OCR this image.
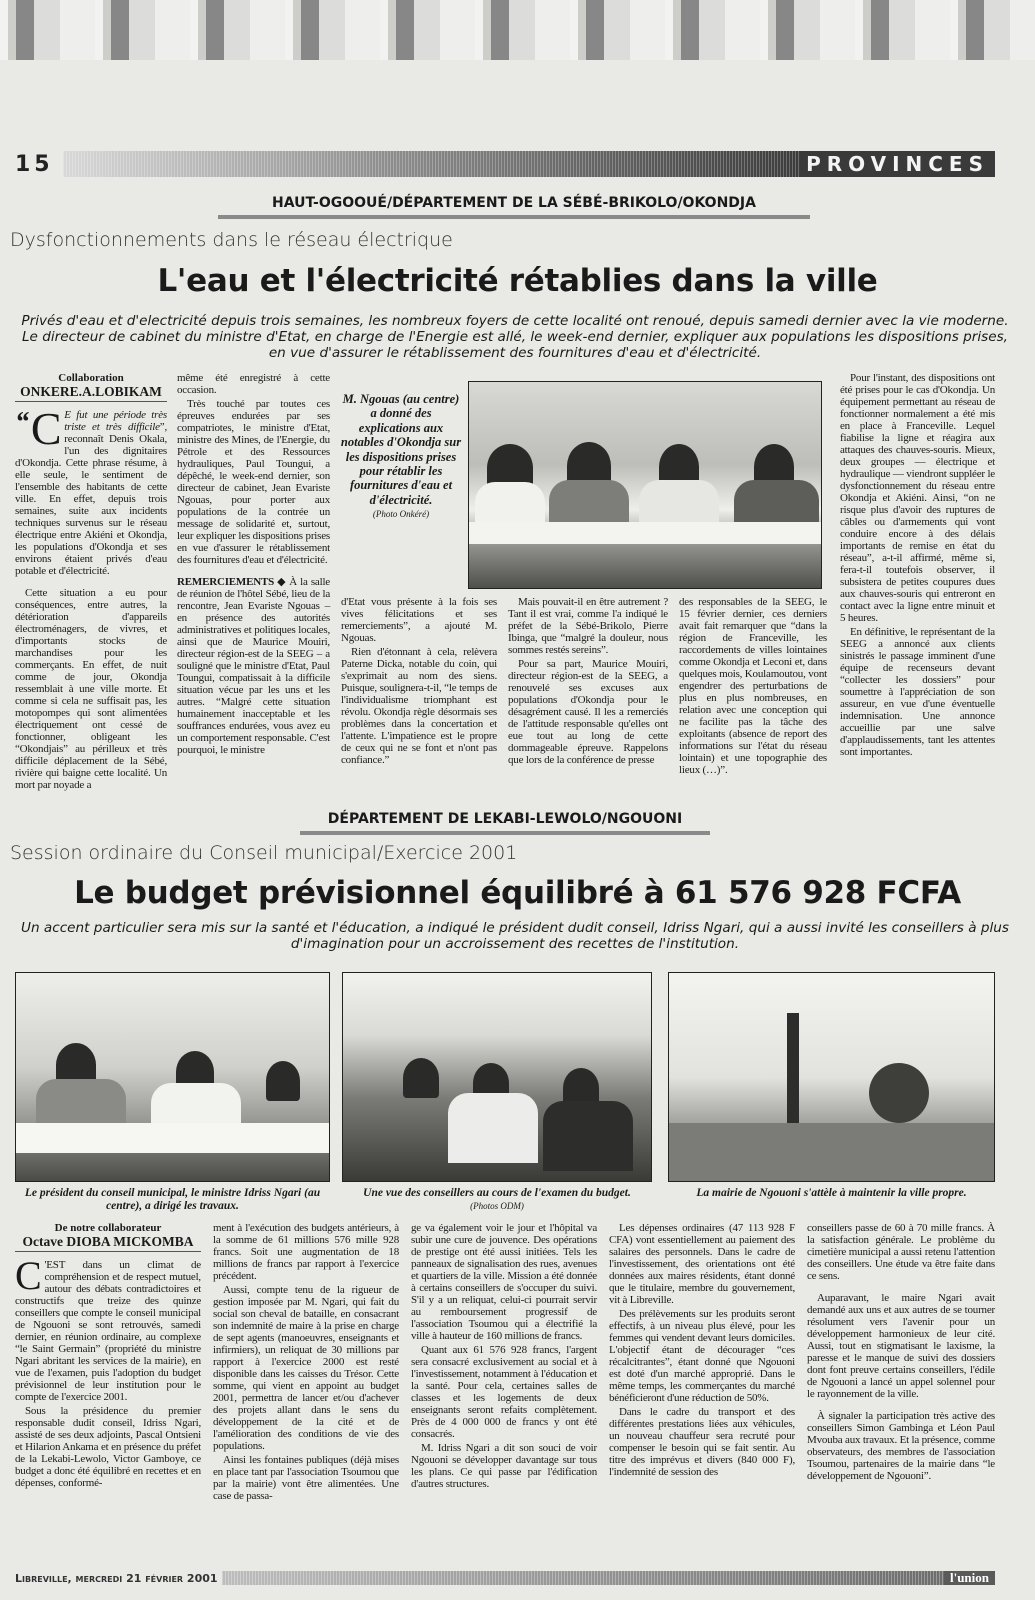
15	PROVINCES
HAUT-OGOOUÉ/DÉPARTEMENT DE LA SÉBÉ-BRIKOLO/OKONDJA
Dysfonctionnements dans le réseau électrique
L'eau et l'électricité rétablies dans la ville

Privés d'eau et d'electricité depuis trois semaines, les nombreux foyers de cette localité ont renoué, depuis samedi dernier avec la vie moderne. Le directeur de cabinet du ministre d'Etat, en charge de l'Energie est allé, le week-end dernier, expliquer aux populations les dispositions prises, en vue d'assurer le rétablissement des fournitures d'eau et d'électricité.

Collaboration
ONKERE.A.LOBIKAM

“ C E fut une période très triste et très difficile”, reconnaît Denis Okala, l'un des dignitaires d'Okondja. Cette phrase résume, à elle seule, le sentiment de l'ensemble des habitants de cette ville. En effet, depuis trois semaines, suite aux incidents techniques survenus sur le réseau électrique entre Akiéni et Okondja, les populations d'Okondja et ses environs étaient privés d'eau potable et d'électricité.

Cette situation a eu pour conséquences, entre autres, la détérioration d'appareils électroménagers, de vivres, et d'importants stocks de marchandises pour les commerçants. En effet, de nuit comme de jour, Okondja ressemblait à une ville morte. Et comme si cela ne suffisait pas, les motopompes qui sont alimentées électriquement ont cessé de fonctionner, obligeant les “Okondjais” au périlleux et très difficile déplacement de la Sébé, rivière qui baigne cette localité. Un mort par noyade a

même été enregistré à cette occasion.

Très touché par toutes ces épreuves endurées par ses compatriotes, le ministre d'Etat, ministre des Mines, de l'Energie, du Pétrole et des Ressources hydrauliques, Paul Toungui, a dépêché, le week-end dernier, son directeur de cabinet, Jean Evariste Ngouas, pour porter aux populations de la contrée un message de solidarité et, surtout, leur expliquer les dispositions prises en vue d'assurer le rétablissement des fournitures d'eau et d'électricité.

REMERCIEMENTS ◆ À la salle de réunion de l'hôtel Sébé, lieu de la rencontre, Jean Evariste Ngouas – en présence des autorités administratives et politiques locales, ainsi que de Maurice Mouiri, directeur région-est de la SEEG – a souligné que le ministre d'Etat, Paul Toungui, compatissait à la difficile situation vécue par les uns et les autres. “Malgré cette situation humainement inacceptable et les souffrances endurées, vous avez eu un comportement responsable. C'est pourquoi, le ministre

M. Ngouas (au centre) a donné des explications aux notables d'Okondja sur les dispositions prises pour rétablir les fournitures d'eau et d'électricité.
(Photo Onkéré)

d'Etat vous présente à la fois ses vives félicitations et ses remerciements”, a ajouté M. Ngouas.

Rien d'étonnant à cela, relèvera Paterne Dicka, notable du coin, qui s'exprimait au nom des siens. Puisque, soulignera-t-il, “le temps de l'individualisme triomphant est révolu. Okondja règle désormais ses problèmes dans la concertation et l'attente. L'impatience est le propre de ceux qui ne se font et n'ont pas confiance.”

Mais pouvait-il en être autrement ? Tant il est vrai, comme l'a indiqué le préfet de la Sébé-Brikolo, Pierre Ibinga, que “malgré la douleur, nous sommes restés sereins”.

Pour sa part, Maurice Mouiri, directeur région-est de la SEEG, a renouvelé ses excuses aux populations d'Okondja pour le désagrément causé. Il les a remerciés de l'attitude responsable qu'elles ont eue tout au long de cette dommageable épreuve. Rappelons que lors de la conférence de presse

des responsables de la SEEG, le 15 février dernier, ces derniers avait fait remarquer que “dans la région de Franceville, les raccordements de villes lointaines comme Okondja et Leconi et, dans quelques mois, Koulamoutou, vont engendrer des perturbations de plus en plus nombreuses, en relation avec une conception qui ne facilite pas la tâche des exploitants (absence de report des informations sur l'état du réseau lointain) et une topographie des lieux (…)”.

Pour l'instant, des dispositions ont été prises pour le cas d'Okondja. Un équipement permettant au réseau de fonctionner normalement a été mis en place à Franceville. Lequel fiabilise la ligne et réagira aux attaques des chauves-souris. Mieux, deux groupes — électrique et hydraulique — viendront suppléer le dysfonctionnement du réseau entre Okondja et Akiéni. Ainsi, “on ne risque plus d'avoir des ruptures de câbles ou d'armements qui vont conduire encore à des délais importants de remise en état du réseau”, a-t-il affirmé, même si, fera-t-il toutefois observer, il subsistera de petites coupures dues aux chauves-souris qui entreront en contact avec la ligne entre minuit et 5 heures.

En définitive, le représentant de la SEEG a annoncé aux clients sinistrés le passage imminent d'une équipe de recenseurs devant “collecter les dossiers” pour soumettre à l'appréciation de son assureur, en vue d'une éventuelle indemnisation. Une annonce accueillie par une salve d'applaudissements, tant les attentes sont importantes.

DÉPARTEMENT DE LEKABI-LEWOLO/NGOUONI
Session ordinaire du Conseil municipal/Exercice 2001
Le budget prévisionnel équilibré à 61 576 928 FCFA

Un accent particulier sera mis sur la santé et l'éducation, a indiqué le président dudit conseil, Idriss Ngari, qui a aussi invité les conseillers à plus d'imagination pour un accroissement des recettes de l'institution.

Le président du conseil municipal, le ministre Idriss Ngari (au centre), a dirigé les travaux.
Une vue des conseillers au cours de l'examen du budget.
(Photos ODM)
La mairie de Ngouoni s'attèle à maintenir la ville propre.
De notre collaborateur
Octave DIOBA MICKOMBA

C 'EST dans un climat de compréhension et de respect mutuel, autour des débats contradictoires et constructifs que treize des quinze conseillers que compte le conseil municipal de Ngouoni se sont retrouvés, samedi dernier, en réunion ordinaire, au complexe “le Saint Germain” (propriété du ministre Ngari abritant les services de la mairie), en vue de l'examen, puis l'adoption du budget prévisionnel de leur institution pour le compte de l'exercice 2001.

Sous la présidence du premier responsable dudit conseil, Idriss Ngari, assisté de ses deux adjoints, Pascal Ontsieni et Hilarion Ankama et en présence du préfet de la Lekabi-Lewolo, Victor Gamboye, ce budget a donc été équilibré en recettes et en dépenses, conformé-

ment à l'exécution des budgets antérieurs, à la somme de 61 millions 576 mille 928 francs. Soit une augmentation de 18 millions de francs par rapport à l'exercice précédent.

Aussi, compte tenu de la rigueur de gestion imposée par M. Ngari, qui fait du social son cheval de bataille, en consacrant son indemnité de maire à la prise en charge de sept agents (manoeuvres, enseignants et infirmiers), un reliquat de 30 millions par rapport à l'exercice 2000 est resté disponible dans les caisses du Trésor. Cette somme, qui vient en appoint au budget 2001, permettra de lancer et/ou d'achever des projets allant dans le sens du développement de la cité et de l'amélioration des conditions de vie des populations.

Ainsi les fontaines publiques (déjà mises en place tant par l'association Tsoumou que par la mairie) vont être alimentées. Une case de passa-

ge va également voir le jour et l'hôpital va subir une cure de jouvence. Des opérations de prestige ont été aussi initiées. Tels les panneaux de signalisation des rues, avenues et quartiers de la ville. Mission a été donnée à certains conseillers de s'occuper du suivi. S'il y a un reliquat, celui-ci pourrait servir au remboursement progressif de l'association Tsoumou qui a électrifié la ville à hauteur de 160 millions de francs.

Quant aux 61 576 928 francs, l'argent sera consacré exclusivement au social et à l'investissement, notamment à l'éducation et la santé. Pour cela, certaines salles de classes et les logements de deux enseignants seront refaits complètement. Près de 4 000 000 de francs y ont été consacrés.

M. Idriss Ngari a dit son souci de voir Ngouoni se développer davantage sur tous les plans. Ce qui passe par l'édification d'autres structures.

Les dépenses ordinaires (47 113 928 F CFA) vont essentiellement au paiement des salaires des personnels. Dans le cadre de l'investissement, des orientations ont été données aux maires résidents, étant donné que le titulaire, membre du gouvernement, vit à Libreville.

Des prélèvements sur les produits seront effectifs, à un niveau plus élevé, pour les femmes qui vendent devant leurs domiciles. L'objectif étant de décourager “ces récalcitrantes”, étant donné que Ngouoni est doté d'un marché approprié. Dans le même temps, les commerçantes du marché bénéficieront d'une réduction de 50%.

Dans le cadre du transport et des différentes prestations liées aux véhicules, un nouveau chauffeur sera recruté pour compenser le besoin qui se fait sentir. Au titre des imprévus et divers (840 000 F), l'indemnité de session des

conseillers passe de 60 à 70 mille francs. À la satisfaction générale. Le problème du cimetière municipal a aussi retenu l'attention des conseillers. Une étude va être faite dans ce sens.

Auparavant, le maire Ngari avait demandé aux uns et aux autres de se tourner résolument vers l'avenir pour un développement harmonieux de leur cité. Aussi, tout en stigmatisant le laxisme, la paresse et le manque de suivi des dossiers dont font preuve certains conseillers, l'édile de Ngouoni a lancé un appel solennel pour le rayonnement de la ville.

À signaler la participation très active des conseillers Simon Gambinga et Léon Paul Mvouba aux travaux. Et la présence, comme observateurs, des membres de l'association Tsoumou, partenaires de la mairie dans “le développement de Ngouoni”.

Libreville, mercredi 21 février 2001	l'union
